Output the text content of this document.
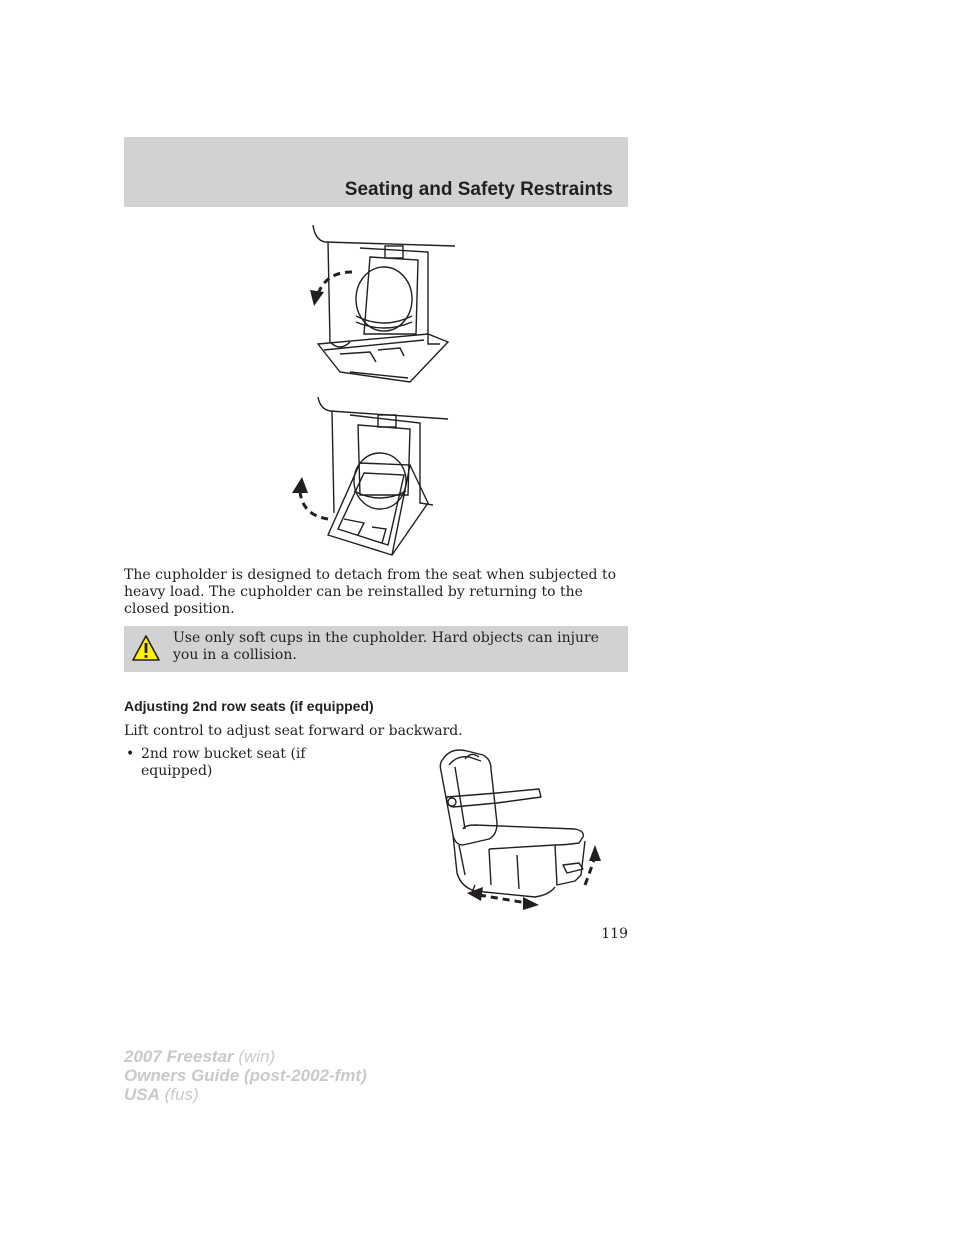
Seating and Safety Restraints

The cupholder is designed to detach from the seat when subjected to heavy load. The cupholder can be reinstalled by returning to the closed position.

Use only soft cups in the cupholder. Hard objects can injure you in a collision.

Adjusting 2nd row seats (if equipped)

Lift control to adjust seat forward or backward.

• 2nd row bucket seat (if equipped)
119
2007 Freestar (win)
Owners Guide (post-2002-fmt)
USA (fus)
